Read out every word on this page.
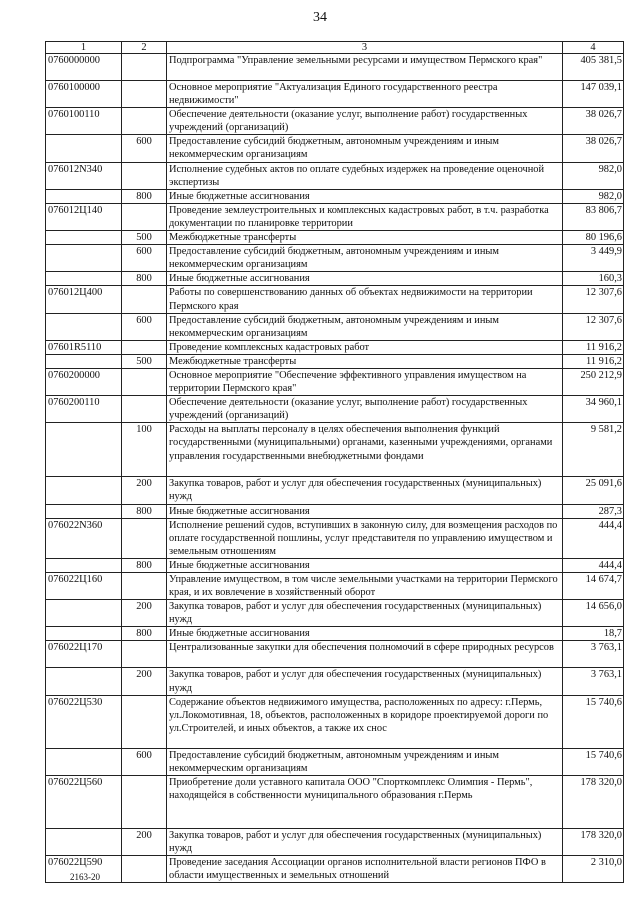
34
1	2	3	4
0760000000		Подпрограмма "Управление земельными ресурсами и имуществом Пермского края"	405 381,5
0760100000		Основное мероприятие "Актуализация Единого государственного реестра недвижимости"	147 039,1
0760100110		Обеспечение деятельности (оказание услуг, выполнение работ) государственных учреждений (организаций)	38 026,7
	600	Предоставление субсидий бюджетным, автономным учреждениям и иным некоммерческим организациям	38 026,7
076012N340		Исполнение судебных актов по оплате судебных издержек на проведение оценочной экспертизы	982,0
	800	Иные бюджетные ассигнования	982,0
076012Ц140		Проведение землеустроительных и комплексных кадастровых работ, в т.ч. разработка документации по планировке территории	83 806,7
	500	Межбюджетные трансферты	80 196,6
	600	Предоставление субсидий бюджетным, автономным учреждениям и иным некоммерческим организациям	3 449,9
	800	Иные бюджетные ассигнования	160,3
076012Ц400		Работы по совершенствованию данных об объектах недвижимости на территории Пермского края	12 307,6
	600	Предоставление субсидий бюджетным, автономным учреждениям и иным некоммерческим организациям	12 307,6
07601R5110		Проведение комплексных кадастровых работ	11 916,2
	500	Межбюджетные трансферты	11 916,2
0760200000		Основное мероприятие "Обеспечение эффективного управления имуществом на территории Пермского края"	250 212,9
0760200110		Обеспечение деятельности (оказание услуг, выполнение работ) государственных учреждений (организаций)	34 960,1
	100	Расходы на выплаты персоналу в целях обеспечения выполнения функций государственными (муниципальными) органами, казенными учреждениями, органами управления государственными внебюджетными фондами	9 581,2
	200	Закупка товаров, работ и услуг для обеспечения государственных (муниципальных) нужд	25 091,6
	800	Иные бюджетные ассигнования	287,3
076022N360		Исполнение решений судов, вступивших в законную силу, для возмещения расходов по оплате государственной пошлины, услуг представителя по управлению имуществом и земельным отношениям	444,4
	800	Иные бюджетные ассигнования	444,4
076022Ц160		Управление имуществом, в том числе земельными участками на территории Пермского края, и их вовлечение в хозяйственный оборот	14 674,7
	200	Закупка товаров, работ и услуг для обеспечения государственных (муниципальных) нужд	14 656,0
	800	Иные бюджетные ассигнования	18,7
076022Ц170		Централизованные закупки для обеспечения полномочий в сфере природных ресурсов	3 763,1
	200	Закупка товаров, работ и услуг для обеспечения государственных (муниципальных) нужд	3 763,1
076022Ц530		Содержание объектов недвижимого имущества, расположенных по адресу: г.Пермь, ул.Локомотивная, 18, объектов, расположенных в коридоре проектируемой дороги по ул.Строителей, и иных объектов, а также их снос	15 740,6
	600	Предоставление субсидий бюджетным, автономным учреждениям и иным некоммерческим организациям	15 740,6
076022Ц560		Приобретение доли уставного капитала ООО "Спорткомплекс Олимпия - Пермь", находящейся в собственности муниципального образования г.Пермь	178 320,0
	200	Закупка товаров, работ и услуг для обеспечения государственных (муниципальных) нужд	178 320,0
076022Ц590		Проведение заседания Ассоциации органов исполнительной власти регионов ПФО в области имущественных и земельных отношений	2 310,0
2163-20
